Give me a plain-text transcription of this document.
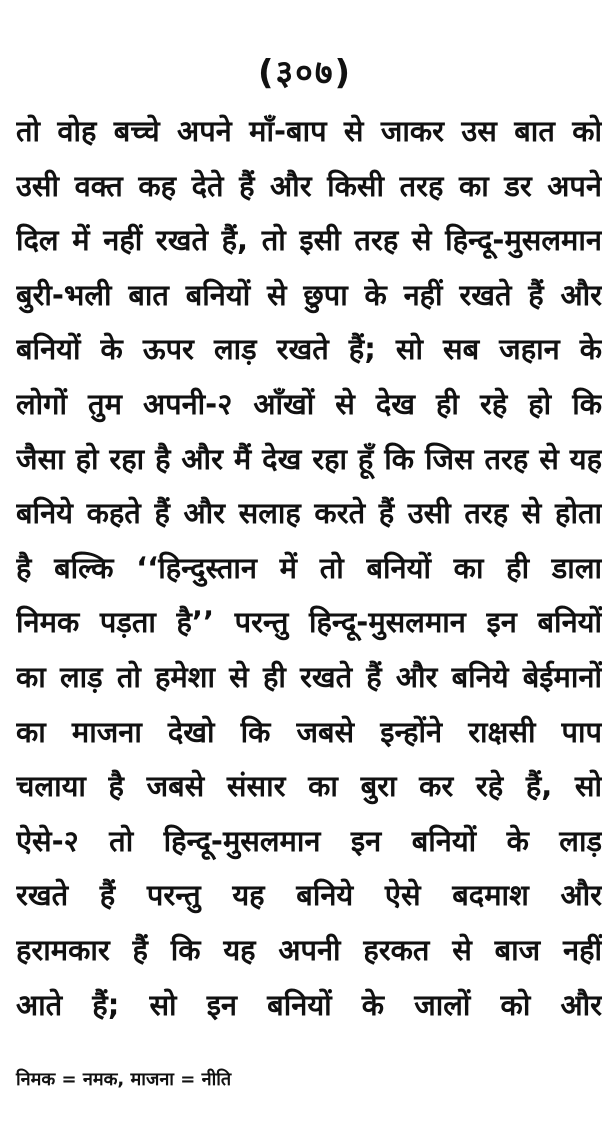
(३०७)
तो वोह बच्चे अपने माँ-बाप से जाकर उस बात को
उसी वक्त कह देते हैं और किसी तरह का डर अपने
दिल में नहीं रखते हैं, तो इसी तरह से हिन्दू-मुसलमान
बुरी-भली बात बनियों से छुपा के नहीं रखते हैं और
बनियों के ऊपर लाड़ रखते हैं; सो सब जहान के
लोगों तुम अपनी-२ आँखों से देख ही रहे हो कि
जैसा हो रहा है और मैं देख रहा हूँ कि जिस तरह से यह
बनिये कहते हैं और सलाह करते हैं उसी तरह से होता
है बल्कि ‘‘हिन्दुस्तान में तो बनियों का ही डाला
निमक पड़ता है’’ परन्तु हिन्दू-मुसलमान इन बनियों
का लाड़ तो हमेशा से ही रखते हैं और बनिये बेईमानों
का माजना देखो कि जबसे इन्होंने राक्षसी पाप
चलाया है जबसे संसार का बुरा कर रहे हैं, सो
ऐसे-२ तो हिन्दू-मुसलमान इन बनियों के लाड़
रखते हैं परन्तु यह बनिये ऐसे बदमाश और
हरामकार हैं कि यह अपनी हरकत से बाज नहीं
आते हैं; सो इन बनियों के जालों को और
निमक = नमक, माजना = नीति
